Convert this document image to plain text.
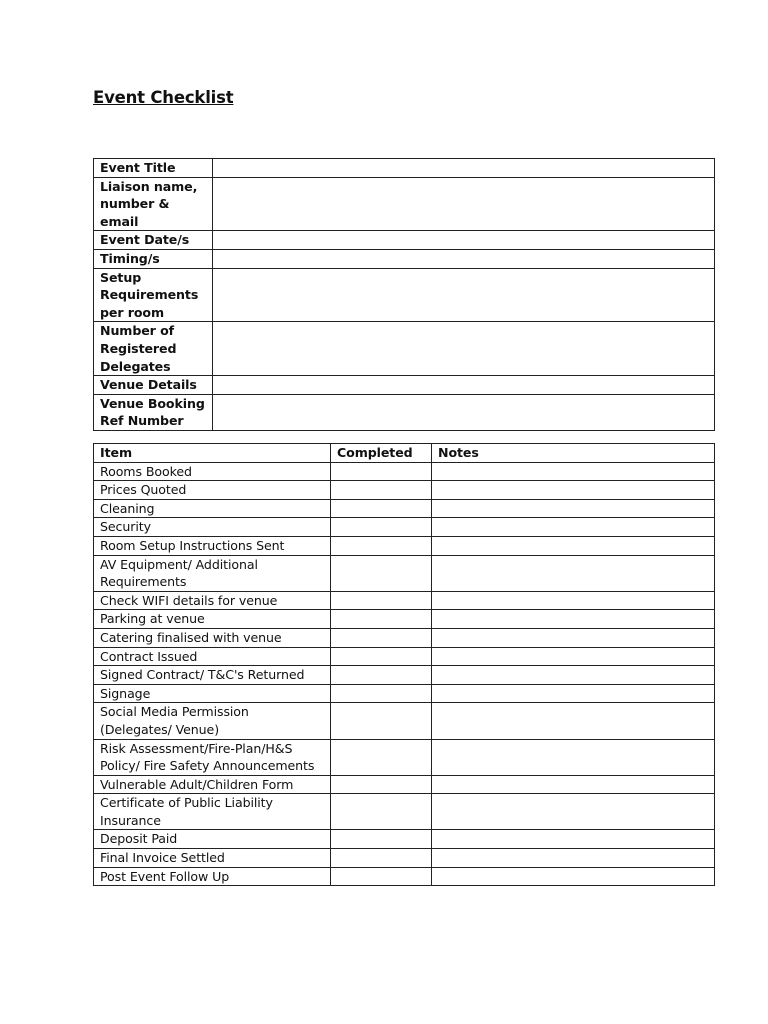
Event Checklist
Event Title	
Liaison name, number & email	
Event Date/s	
Timing/s	
Setup Requirements per room	
Number of Registered Delegates	
Venue Details	
Venue Booking Ref Number	
Item	Completed	Notes
Rooms Booked		
Prices Quoted		
Cleaning		
Security		
Room Setup Instructions Sent		
AV Equipment/ Additional Requirements		
Check WIFI details for venue		
Parking at venue		
Catering finalised with venue		
Contract Issued		
Signed Contract/ T&C's Returned		
Signage		
Social Media Permission (Delegates/ Venue)		
Risk Assessment/Fire-Plan/H&S Policy/ Fire Safety Announcements		
Vulnerable Adult/Children Form		
Certificate of Public Liability Insurance		
Deposit Paid		
Final Invoice Settled		
Post Event Follow Up		
